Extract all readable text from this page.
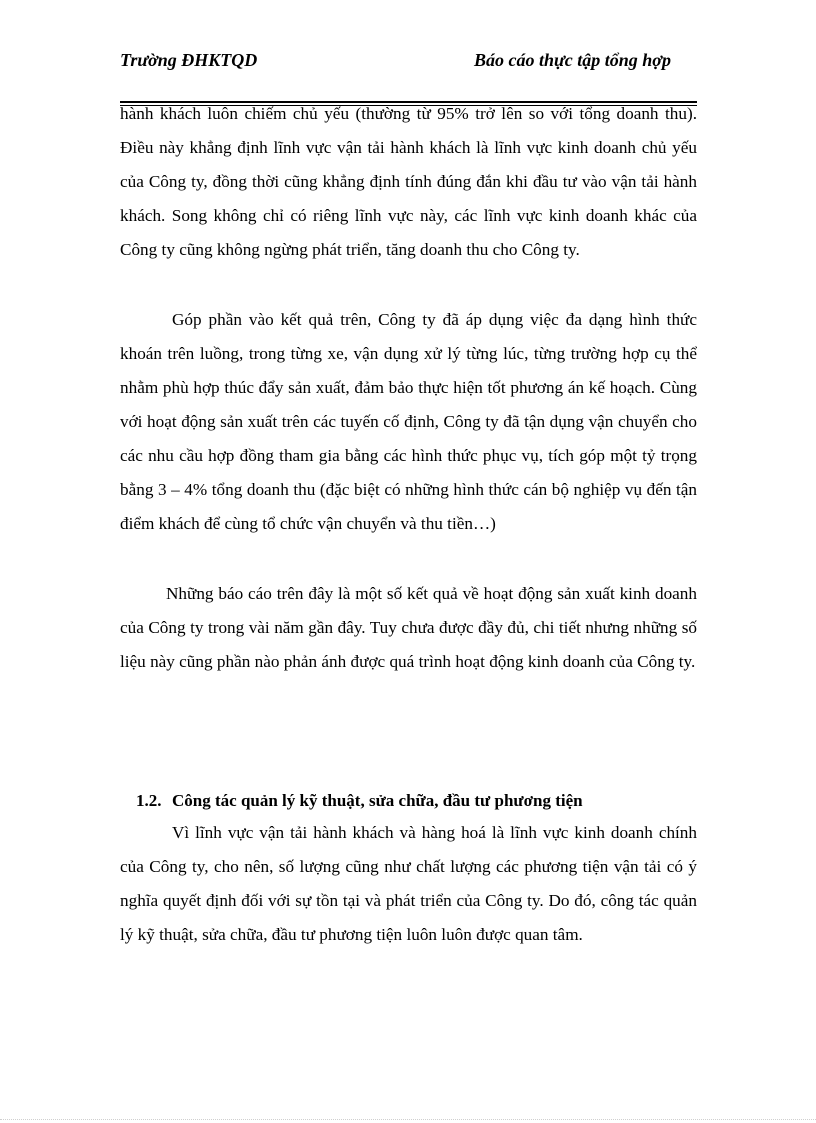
Trường ĐHKTQD	Báo cáo thực tập tổng hợp

hành khách luôn chiếm chủ yếu (thường từ 95% trở lên so với tổng doanh thu). Điều này khẳng định lĩnh vực vận tải hành khách là lĩnh vực kinh doanh chủ yếu của Công ty, đồng thời cũng khẳng định tính đúng đắn khi đầu tư vào vận tải hành khách. Song không chỉ có riêng lĩnh vực này, các lĩnh vực kinh doanh khác của Công ty cũng không ngừng phát triển, tăng doanh thu cho Công ty.

Góp phần vào kết quả trên, Công ty đã áp dụng việc đa dạng hình thức khoán trên luồng, trong từng xe, vận dụng xử lý từng lúc, từng trường hợp cụ thể nhằm phù hợp thúc đẩy sản xuất, đảm bảo thực hiện tốt phương án kế hoạch. Cùng với hoạt động sản xuất trên các tuyến cố định, Công ty đã tận dụng vận chuyển cho các nhu cầu hợp đồng tham gia bằng các hình thức phục vụ, tích góp một tỷ trọng bằng 3 – 4% tổng doanh thu (đặc biệt có những hình thức cán bộ nghiệp vụ đến tận điểm khách để cùng tổ chức vận chuyển và thu tiền…)

Những báo cáo trên đây là một số kết quả về hoạt động sản xuất kinh doanh của Công ty trong vài năm gần đây. Tuy chưa được đầy đủ, chi tiết nhưng những số liệu này cũng phần nào phản ánh được quá trình hoạt động kinh doanh của Công ty.

1.2. Công tác quản lý kỹ thuật, sửa chữa, đầu tư phương tiện

Vì lĩnh vực vận tải hành khách và hàng hoá là lĩnh vực kinh doanh chính của Công ty, cho nên, số lượng cũng như chất lượng các phương tiện vận tải có ý nghĩa quyết định đối với sự tồn tại và phát triển của Công ty. Do đó, công tác quản lý kỹ thuật, sửa chữa, đầu tư phương tiện luôn luôn được quan tâm.
